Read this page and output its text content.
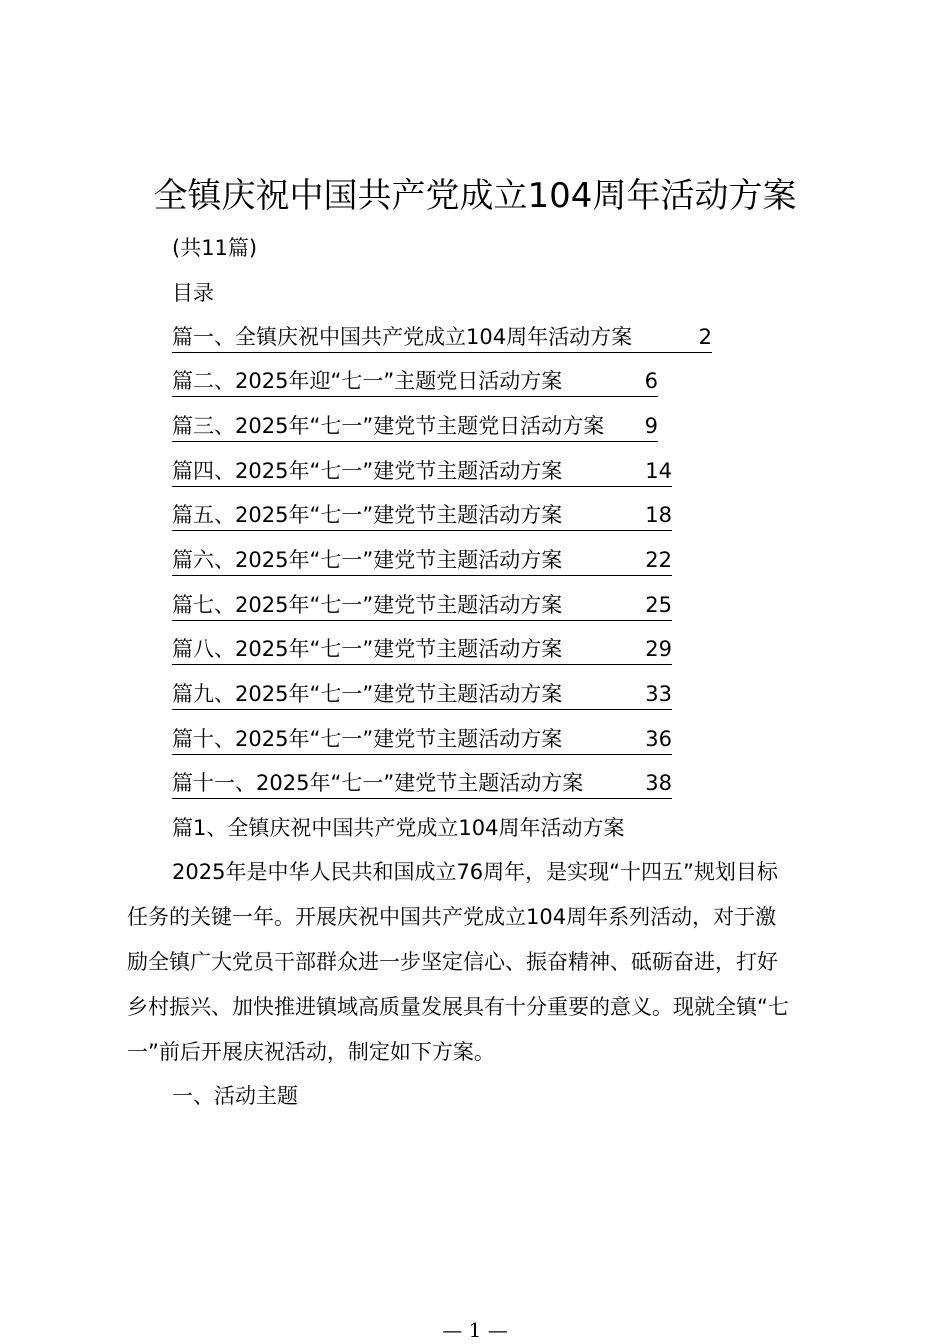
全镇庆祝中国共产党成立104周年活动方案
(共11篇)
目录
篇一、全镇庆祝中国共产党成立104周年活动方案	2
篇二、2025年迎“七一”主题党日活动方案	6
篇三、2025年“七一”建党节主题党日活动方案 9
篇四、2025年“七一”建党节主题活动方案	14
篇五、2025年“七一”建党节主题活动方案	18
篇六、2025年“七一”建党节主题活动方案	22
篇七、2025年“七一”建党节主题活动方案	25
篇八、2025年“七一”建党节主题活动方案	29
篇九、2025年“七一”建党节主题活动方案	33
篇十、2025年“七一”建党节主题活动方案	36
篇十一、2025年“七一”建党节主题活动方案	38
篇1、全镇庆祝中国共产党成立104周年活动方案
2025年是中华人民共和国成立76周年，是实现“十四五”规划目标
任务的关键一年。开展庆祝中国共产党成立104周年系列活动，对于激
励全镇广大党员干部群众进一步坚定信心、振奋精神、砥砺奋进，打好
乡村振兴、加快推进镇域高质量发展具有十分重要的意义。现就全镇“七
一”前后开展庆祝活动，制定如下方案。
一、活动主题
— 1 —
